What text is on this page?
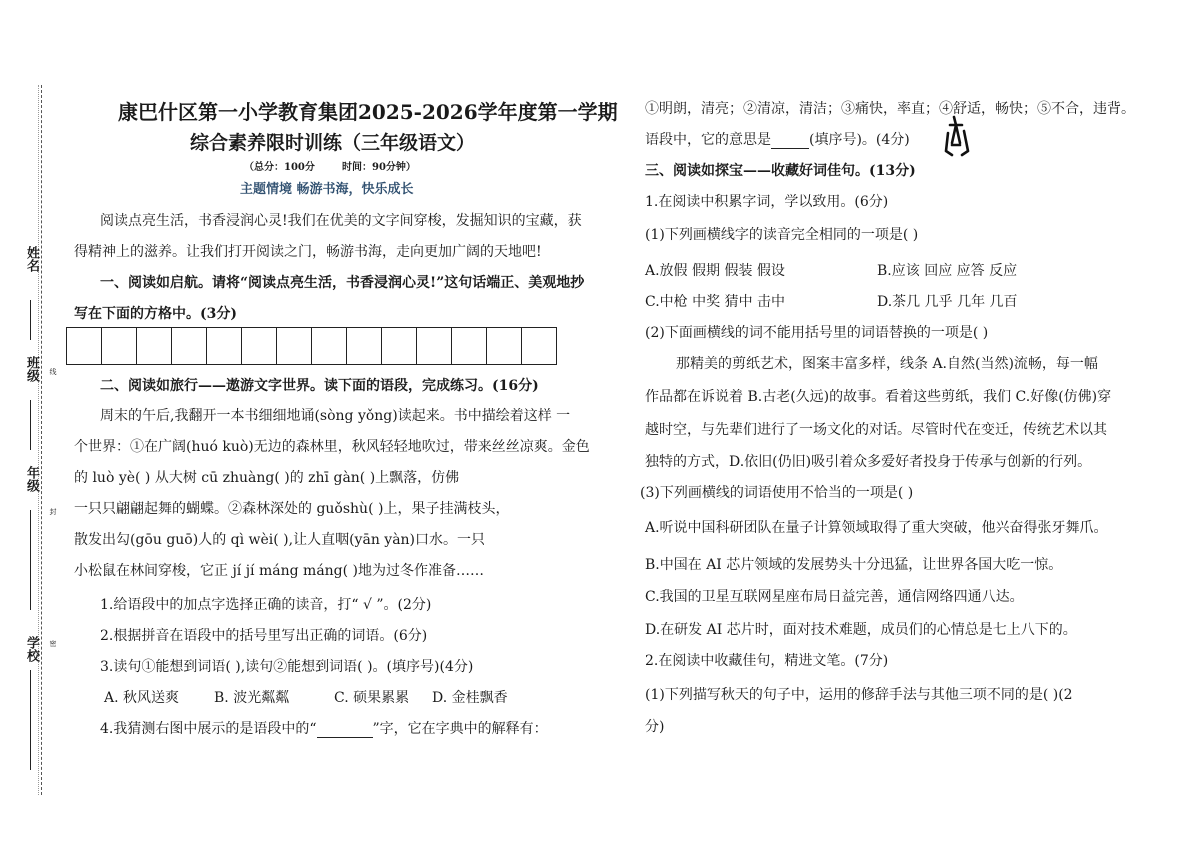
姓名
班级
年级
学校
线
封
密
康巴什区第一小学教育集团2025-2026学年度第一学期
综合素养限时训练（三年级语文）
（总分：100分	时间：90分钟）
主题情境 畅游书海，快乐成长
阅读点亮生活，书香浸润心灵!我们在优美的文字间穿梭，发掘知识的宝藏，获
得精神上的滋养。让我们打开阅读之门，畅游书海，走向更加广阔的天地吧!
一、阅读如启航。请将“阅读点亮生活，书香浸润心灵!”这句话端正、美观地抄
写在下面的方格中。(3分)
二、阅读如旅行——遨游文字世界。读下面的语段，完成练习。(16分)
周末的午后,我翻开一本书细细地诵(sòng yǒng)读起来。书中描绘着这样 一
个世界：①在广阔(huó kuò)无边的森林里，秋风轻轻地吹过，带来丝丝凉爽。金色
的 luò yè( ) 从大树 cū zhuàng( )的 zhī gàn( )上飘落，仿佛
一只只翩翩起舞的蝴蝶。②森林深处的 guǒshù( )上，果子挂满枝头，
散发出勾(gōu guō)人的 qì wèi( ),让人直咽(yān yàn)口水。一只
小松鼠在林间穿梭，它正 jí jí máng máng( )地为过冬作准备……
1.给语段中的加点字选择正确的读音，打“ √ ”。(2分)
2.根据拼音在语段中的括号里写出正确的词语。(6分)
3.读句①能想到词语( ),读句②能想到词语( )。(填序号)(4分)
A. 秋风送爽 B. 波光粼粼	C. 硕果累累 D. 金桂飘香
4.我猜测右图中展示的是语段中的“	”字，它在字典中的解释有：
①明朗，清亮；②清凉，清洁；③痛快，率直；④舒适，畅快；⑤不合，违背。
语段中，它的意思是	(填序号)。(4分)
三、阅读如探宝——收藏好词佳句。(13分)
1.在阅读中积累字词，学以致用。(6分)
(1)下列画横线字的读音完全相同的一项是( )
A.放假 假期 假装 假设	B.应该 回应 应答 反应
C.中枪 中奖 猜中 击中	D.茶几 几乎 几年 几百
(2)下面画横线的词不能用括号里的词语替换的一项是( )
那精美的剪纸艺术，图案丰富多样，线条 A.自然(当然)流畅，每一幅
作品都在诉说着 B.古老(久远)的故事。看着这些剪纸，我们 C.好像(仿佛)穿
越时空，与先辈们进行了一场文化的对话。尽管时代在变迁，传统艺术以其
独特的方式，D.依旧(仍旧)吸引着众多爱好者投身于传承与创新的行列。
(3)下列画横线的词语使用不恰当的一项是( )
A.听说中国科研团队在量子计算领域取得了重大突破，他兴奋得张牙舞爪。
B.中国在 AI 芯片领域的发展势头十分迅猛，让世界各国大吃一惊。
C.我国的卫星互联网星座布局日益完善，通信网络四通八达。
D.在研发 AI 芯片时，面对技术难题，成员们的心情总是七上八下的。
2.在阅读中收藏佳句，精进文笔。(7分)
(1)下列描写秋天的句子中，运用的修辞手法与其他三项不同的是( )(2
分)
